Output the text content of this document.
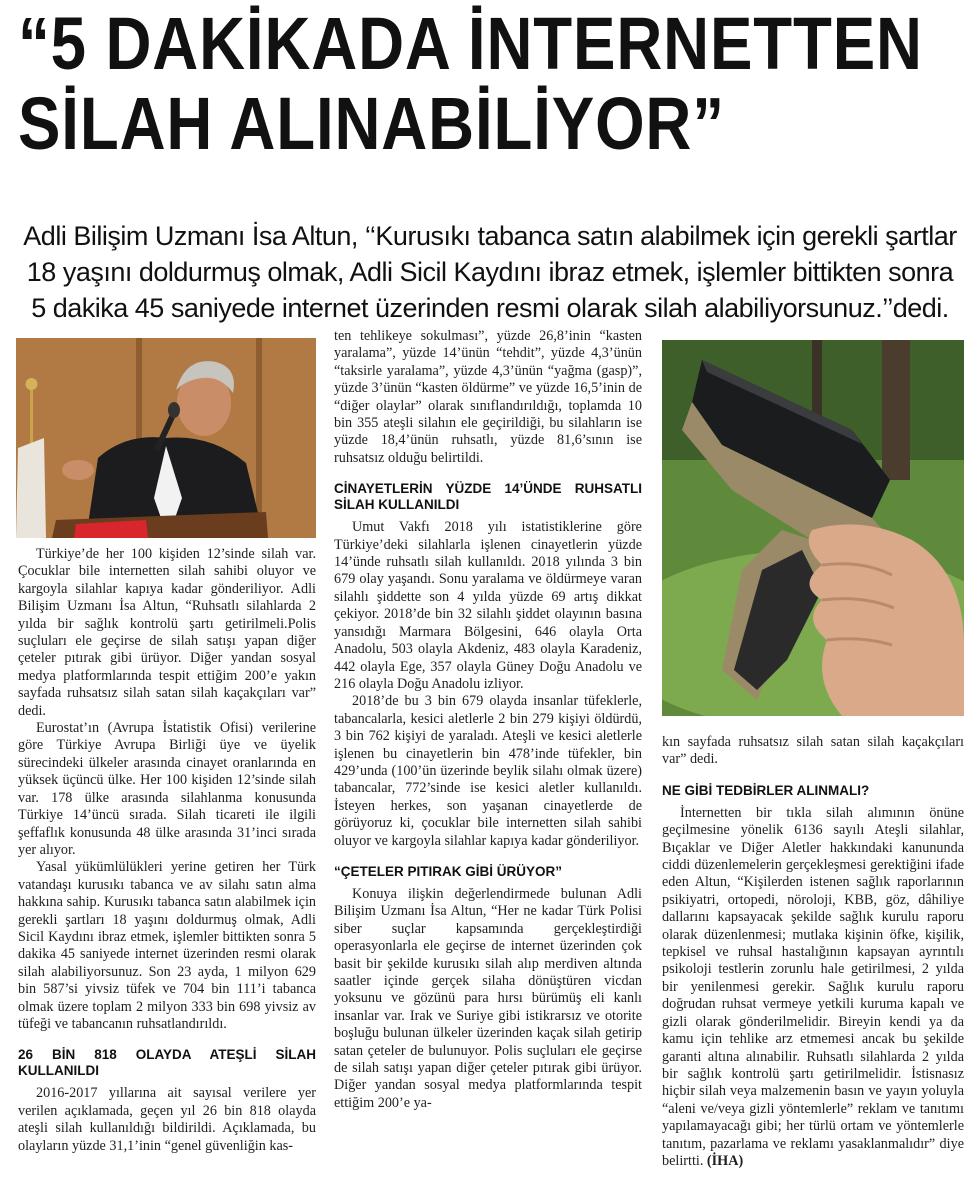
“5 DAKİKADA İNTERNETTEN
SİLAH ALINABİLİYOR”
Adli Bilişim Uzmanı İsa Altun, ‘‘Kurusıkı tabanca satın alabilmek için gerekli şartlar 18 yaşını doldurmuş olmak, Adli Sicil Kaydını ibraz etmek, işlemler bittikten sonra 5 dakika 45 saniyede internet üzerinden resmi olarak silah alabiliyorsunuz.’’dedi.

Türkiye’de her 100 kişiden 12’sinde silah var. Çocuklar bile internetten silah sahibi oluyor ve kargoyla silahlar kapıya kadar gönderiliyor. Adli Bilişim Uzmanı İsa Altun, “Ruhsatlı silahlarda 2 yılda bir sağlık kontrolü şartı getirilmeli.Polis suçluları ele geçirse de silah satışı yapan diğer çeteler pıtırak gibi ürüyor. Diğer yandan sosyal medya platformlarında tespit ettiğim 200’e yakın sayfada ruhsatsız silah satan silah kaçakçıları var” dedi.

Eurostat’ın (Avrupa İstatistik Ofisi) verilerine göre Türkiye Avrupa Birliği üye ve üyelik sürecindeki ülkeler arasında cinayet oranlarında en yüksek üçüncü ülke. Her 100 kişiden 12’sinde silah var. 178 ülke arasında silahlanma konusunda Türkiye 14’üncü sırada. Silah ticareti ile ilgili şeffaflık konusunda 48 ülke arasında 31’inci sırada yer alıyor.

Yasal yükümlülükleri yerine getiren her Türk vatandaşı kurusıkı tabanca ve av silahı satın alma hakkına sahip. Kurusıkı tabanca satın alabilmek için gerekli şartları 18 yaşını doldurmuş olmak, Adli Sicil Kaydını ibraz etmek, işlemler bittikten sonra 5 dakika 45 saniyede internet üzerinden resmi olarak silah alabiliyorsunuz. Son 23 ayda, 1 milyon 629 bin 587’si yivsiz tüfek ve 704 bin 111’i tabanca olmak üzere toplam 2 milyon 333 bin 698 yivsiz av tüfeği ve tabancanın ruhsatlandırıldı.

26 BİN 818 OLAYDA ATEŞLİ SİLAH KULLANILDI

2016-2017 yıllarına ait sayısal verilere yer verilen açıklamada, geçen yıl 26 bin 818 olayda ateşli silah kullanıldığı bildirildi. Açıklamada, bu olayların yüzde 31,1’inin “genel güvenliğin kas-

ten tehlikeye sokulması”, yüzde 26,8’inin “kasten yaralama”, yüzde 14’ünün “tehdit”, yüzde 4,3’ünün “taksirle yaralama”, yüzde 4,3’ünün “yağma (gasp)”, yüzde 3’ünün “kasten öldürme” ve yüzde 16,5’inin de “diğer olaylar” olarak sınıflandırıldığı, toplamda 10 bin 355 ateşli silahın ele geçirildiği, bu silahların ise yüzde 18,4’ünün ruhsatlı, yüzde 81,6’sının ise ruhsatsız olduğu belirtildi.

CİNAYETLERİN YÜZDE 14’ÜNDE RUHSATLI SİLAH KULLANILDI

Umut Vakfı 2018 yılı istatistiklerine göre Türkiye’deki silahlarla işlenen cinayetlerin yüzde 14’ünde ruhsatlı silah kullanıldı. 2018 yılında 3 bin 679 olay yaşandı. Sonu yaralama ve öldürmeye varan silahlı şiddette son 4 yılda yüzde 69 artış dikkat çekiyor. 2018’de bin 32 silahlı şiddet olayının basına yansıdığı Marmara Bölgesini, 646 olayla Orta Anadolu, 503 olayla Akdeniz, 483 olayla Karadeniz, 442 olayla Ege, 357 olayla Güney Doğu Anadolu ve 216 olayla Doğu Anadolu izliyor.

2018’de bu 3 bin 679 olayda insanlar tüfeklerle, tabancalarla, kesici aletlerle 2 bin 279 kişiyi öldürdü, 3 bin 762 kişiyi de yaraladı. Ateşli ve kesici aletlerle işlenen bu cinayetlerin bin 478’inde tüfekler, bin 429’unda (100’ün üzerinde beylik silahı olmak üzere) tabancalar, 772’sinde ise kesici aletler kullanıldı. İsteyen herkes, son yaşanan cinayetlerde de görüyoruz ki, çocuklar bile internetten silah sahibi oluyor ve kargoyla silahlar kapıya kadar gönderiliyor.

“ÇETELER PITIRAK GİBİ ÜRÜYOR”

Konuya ilişkin değerlendirmede bulunan Adli Bilişim Uzmanı İsa Altun, “Her ne kadar Türk Polisi siber suçlar kapsamında gerçekleştirdiği operasyonlarla ele geçirse de internet üzerinden çok basit bir şekilde kurusıkı silah alıp merdiven altında saatler içinde gerçek silaha dönüştüren vicdan yoksunu ve gözünü para hırsı bürümüş eli kanlı insanlar var. Irak ve Suriye gibi istikrarsız ve otorite boşluğu bulunan ülkeler üzerinden kaçak silah getirip satan çeteler de bulunuyor. Polis suçluları ele geçirse de silah satışı yapan diğer çeteler pıtırak gibi ürüyor. Diğer yandan sosyal medya platformlarında tespit ettiğim 200’e ya-

kın sayfada ruhsatsız silah satan silah kaçakçıları var” dedi.

NE GİBİ TEDBİRLER ALINMALI?

İnternetten bir tıkla silah alımının önüne geçilmesine yönelik 6136 sayılı Ateşli silahlar, Bıçaklar ve Diğer Aletler hakkındaki kanununda ciddi düzenlemelerin gerçekleşmesi gerektiğini ifade eden Altun, “Kişilerden istenen sağlık raporlarının psikiyatri, ortopedi, nöroloji, KBB, göz, dâhiliye dallarını kapsayacak şekilde sağlık kurulu raporu olarak düzenlenmesi; mutlaka kişinin öfke, kişilik, tepkisel ve ruhsal hastalığının kapsayan ayrıntılı psikoloji testlerin zorunlu hale getirilmesi, 2 yılda bir yenilenmesi gerekir. Sağlık kurulu raporu doğrudan ruhsat vermeye yetkili kuruma kapalı ve gizli olarak gönderilmelidir. Bireyin kendi ya da kamu için tehlike arz etmemesi ancak bu şekilde garanti altına alınabilir. Ruhsatlı silahlarda 2 yılda bir sağlık kontrolü şartı getirilmelidir. İstisnasız hiçbir silah veya malzemenin basın ve yayın yoluyla “aleni ve/veya gizli yöntemlerle” reklam ve tanıtımı yapılamayacağı gibi; her türlü ortam ve yöntemlerle tanıtım, pazarlama ve reklamı yasaklanmalıdır” diye belirtti. (İHA)
